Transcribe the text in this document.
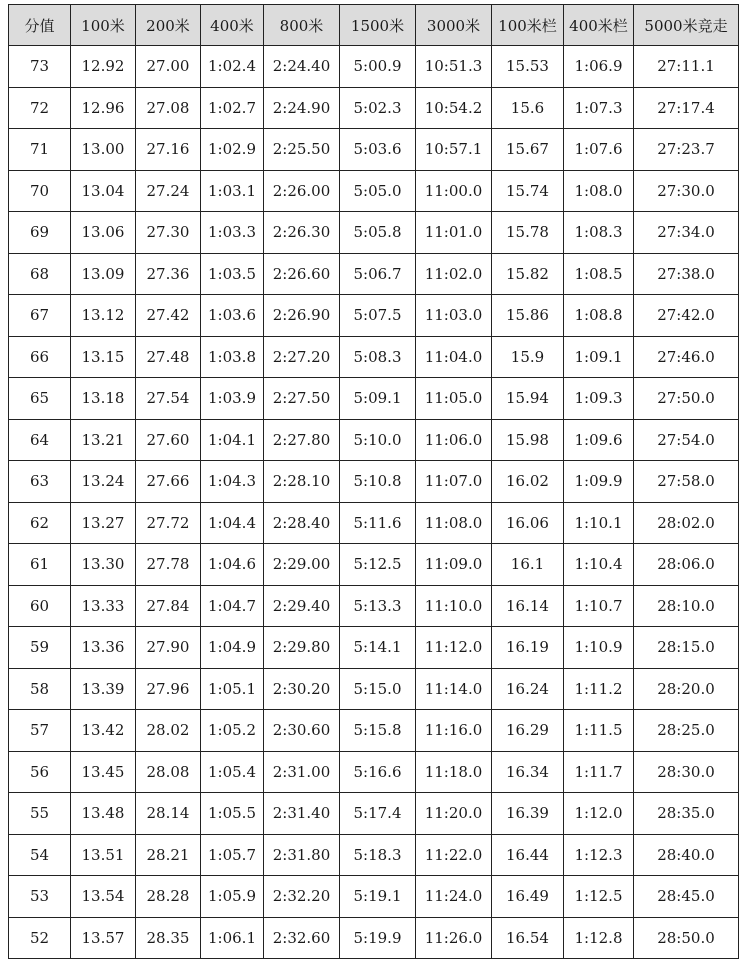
分值	100米	200米	400米	800米	1500米	3000米	100米栏	400米栏	5000米竞走
73	12.92	27.00	1:02.4	2:24.40	5:00.9	10:51.3	15.53	1:06.9	27:11.1
72	12.96	27.08	1:02.7	2:24.90	5:02.3	10:54.2	15.6	1:07.3	27:17.4
71	13.00	27.16	1:02.9	2:25.50	5:03.6	10:57.1	15.67	1:07.6	27:23.7
70	13.04	27.24	1:03.1	2:26.00	5:05.0	11:00.0	15.74	1:08.0	27:30.0
69	13.06	27.30	1:03.3	2:26.30	5:05.8	11:01.0	15.78	1:08.3	27:34.0
68	13.09	27.36	1:03.5	2:26.60	5:06.7	11:02.0	15.82	1:08.5	27:38.0
67	13.12	27.42	1:03.6	2:26.90	5:07.5	11:03.0	15.86	1:08.8	27:42.0
66	13.15	27.48	1:03.8	2:27.20	5:08.3	11:04.0	15.9	1:09.1	27:46.0
65	13.18	27.54	1:03.9	2:27.50	5:09.1	11:05.0	15.94	1:09.3	27:50.0
64	13.21	27.60	1:04.1	2:27.80	5:10.0	11:06.0	15.98	1:09.6	27:54.0
63	13.24	27.66	1:04.3	2:28.10	5:10.8	11:07.0	16.02	1:09.9	27:58.0
62	13.27	27.72	1:04.4	2:28.40	5:11.6	11:08.0	16.06	1:10.1	28:02.0
61	13.30	27.78	1:04.6	2:29.00	5:12.5	11:09.0	16.1	1:10.4	28:06.0
60	13.33	27.84	1:04.7	2:29.40	5:13.3	11:10.0	16.14	1:10.7	28:10.0
59	13.36	27.90	1:04.9	2:29.80	5:14.1	11:12.0	16.19	1:10.9	28:15.0
58	13.39	27.96	1:05.1	2:30.20	5:15.0	11:14.0	16.24	1:11.2	28:20.0
57	13.42	28.02	1:05.2	2:30.60	5:15.8	11:16.0	16.29	1:11.5	28:25.0
56	13.45	28.08	1:05.4	2:31.00	5:16.6	11:18.0	16.34	1:11.7	28:30.0
55	13.48	28.14	1:05.5	2:31.40	5:17.4	11:20.0	16.39	1:12.0	28:35.0
54	13.51	28.21	1:05.7	2:31.80	5:18.3	11:22.0	16.44	1:12.3	28:40.0
53	13.54	28.28	1:05.9	2:32.20	5:19.1	11:24.0	16.49	1:12.5	28:45.0
52	13.57	28.35	1:06.1	2:32.60	5:19.9	11:26.0	16.54	1:12.8	28:50.0
